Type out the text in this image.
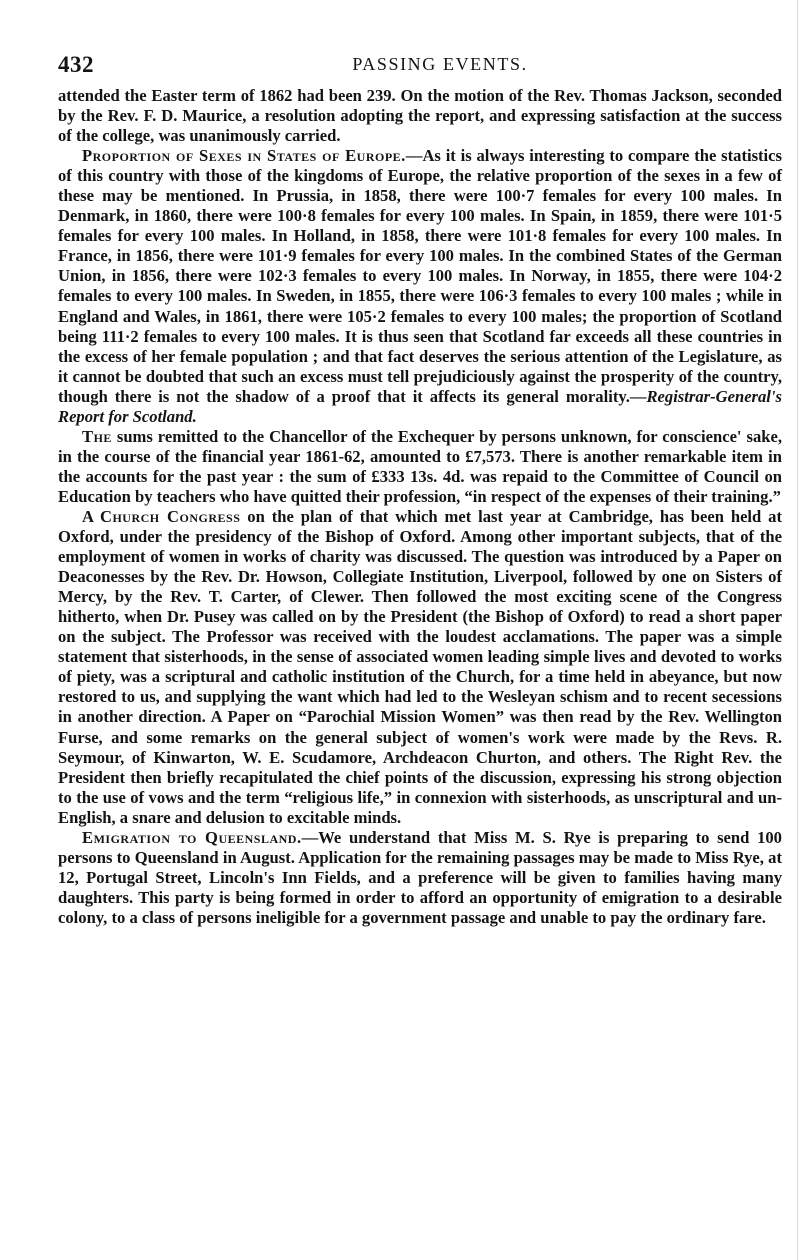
432	PASSING EVENTS.

attended the Easter term of 1862 had been 239. On the motion of the Rev. Thomas Jackson, seconded by the Rev. F. D. Maurice, a resolution adopting the report, and expressing satisfaction at the success of the college, was unanimously carried.

Proportion of Sexes in States of Europe.—As it is always interesting to compare the statistics of this country with those of the kingdoms of Europe, the relative proportion of the sexes in a few of these may be mentioned. In Prussia, in 1858, there were 100·7 females for every 100 males. In Denmark, in 1860, there were 100·8 females for every 100 males. In Spain, in 1859, there were 101·5 females for every 100 males. In Holland, in 1858, there were 101·8 females for every 100 males. In France, in 1856, there were 101·9 females for every 100 males. In the combined States of the German Union, in 1856, there were 102·3 females to every 100 males. In Norway, in 1855, there were 104·2 females to every 100 males. In Sweden, in 1855, there were 106·3 females to every 100 males ; while in England and Wales, in 1861, there were 105·2 females to every 100 males; the proportion of Scotland being 111·2 females to every 100 males. It is thus seen that Scotland far exceeds all these countries in the excess of her female population ; and that fact deserves the serious attention of the Legislature, as it cannot be doubted that such an excess must tell prejudiciously against the prosperity of the country, though there is not the shadow of a proof that it affects its general morality.—Registrar-General's Report for Scotland.

The sums remitted to the Chancellor of the Exchequer by persons unknown, for conscience' sake, in the course of the financial year 1861-62, amounted to £7,573. There is another remarkable item in the accounts for the past year : the sum of £333 13s. 4d. was repaid to the Committee of Council on Education by teachers who have quitted their profession, “in respect of the expenses of their training.”

A Church Congress on the plan of that which met last year at Cambridge, has been held at Oxford, under the presidency of the Bishop of Oxford. Among other important subjects, that of the employment of women in works of charity was discussed. The question was introduced by a Paper on Deaconesses by the Rev. Dr. Howson, Collegiate Institution, Liverpool, followed by one on Sisters of Mercy, by the Rev. T. Carter, of Clewer. Then followed the most exciting scene of the Congress hitherto, when Dr. Pusey was called on by the President (the Bishop of Oxford) to read a short paper on the subject. The Professor was received with the loudest acclamations. The paper was a simple statement that sisterhoods, in the sense of associated women leading simple lives and devoted to works of piety, was a scriptural and catholic institution of the Church, for a time held in abeyance, but now restored to us, and supplying the want which had led to the Wesleyan schism and to recent secessions in another direction. A Paper on “Parochial Mission Women” was then read by the Rev. Wellington Furse, and some remarks on the general subject of women's work were made by the Revs. R. Seymour, of Kinwarton, W. E. Scudamore, Archdeacon Churton, and others. The Right Rev. the President then briefly recapitulated the chief points of the discussion, expressing his strong objection to the use of vows and the term “religious life,” in connexion with sisterhoods, as unscriptural and un-English, a snare and delusion to excitable minds.

Emigration to Queensland.—We understand that Miss M. S. Rye is preparing to send 100 persons to Queensland in August. Application for the remaining passages may be made to Miss Rye, at 12, Portugal Street, Lincoln's Inn Fields, and a preference will be given to families having many daughters. This party is being formed in order to afford an opportunity of emigration to a desirable colony, to a class of persons ineligible for a government passage and unable to pay the ordinary fare.
